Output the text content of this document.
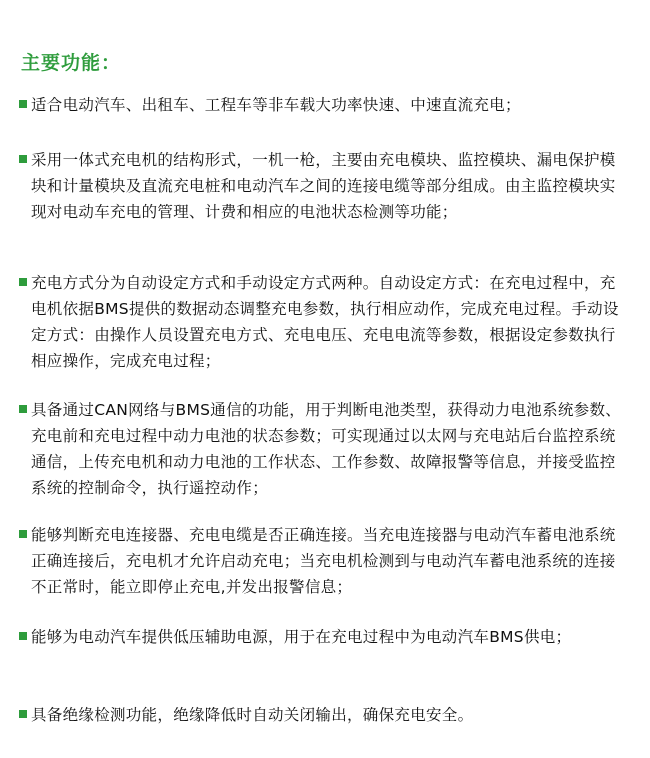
主要功能：
适合电动汽车、出租车、工程车等非车载大功率快速、中速直流充电；
采用一体式充电机的结构形式，一机一枪，主要由充电模块、监控模块、漏电保护模块和计量模块及直流充电桩和电动汽车之间的连接电缆等部分组成。由主监控模块实现对电动车充电的管理、计费和相应的电池状态检测等功能；
充电方式分为自动设定方式和手动设定方式两种。自动设定方式：在充电过程中，充电机依据BMS提供的数据动态调整充电参数，执行相应动作，完成充电过程。手动设定方式：由操作人员设置充电方式、充电电压、充电电流等参数，根据设定参数执行相应操作，完成充电过程；
具备通过CAN网络与BMS通信的功能，用于判断电池类型，获得动力电池系统参数、充电前和充电过程中动力电池的状态参数；可实现通过以太网与充电站后台监控系统通信，上传充电机和动力电池的工作状态、工作参数、故障报警等信息，并接受监控系统的控制命令，执行遥控动作；
能够判断充电连接器、充电电缆是否正确连接。当充电连接器与电动汽车蓄电池系统正确连接后，充电机才允许启动充电；当充电机检测到与电动汽车蓄电池系统的连接不正常时，能立即停止充电,并发出报警信息；
能够为电动汽车提供低压辅助电源，用于在充电过程中为电动汽车BMS供电；
具备绝缘检测功能，绝缘降低时自动关闭输出，确保充电安全。
